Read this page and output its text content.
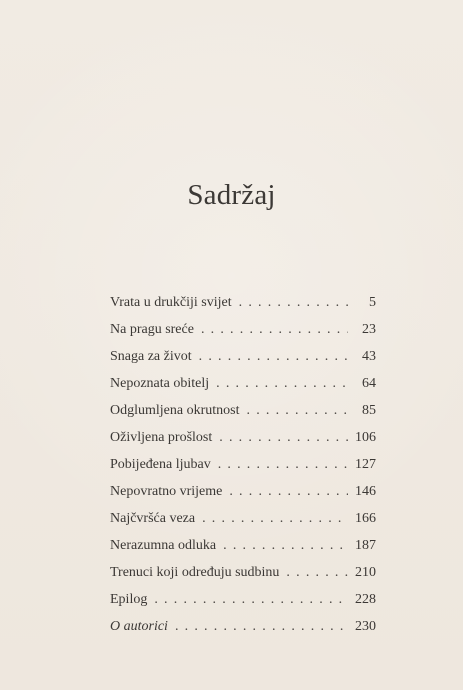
Sadržaj
Vrata u drukčiji svijet .....	5
Na pragu sreće .....	23
Snaga za život .....	43
Nepoznata obitelj .....	64
Odglumljena okrutnost .....	85
Oživljena prošlost .....	106
Pobijeđena ljubav .....	127
Nepovratno vrijeme .....	146
Najčvršća veza .....	166
Nerazumna odluka .....	187
Trenuci koji određuju sudbinu .....	210
Epilog .....	228
O autorici .....	230
